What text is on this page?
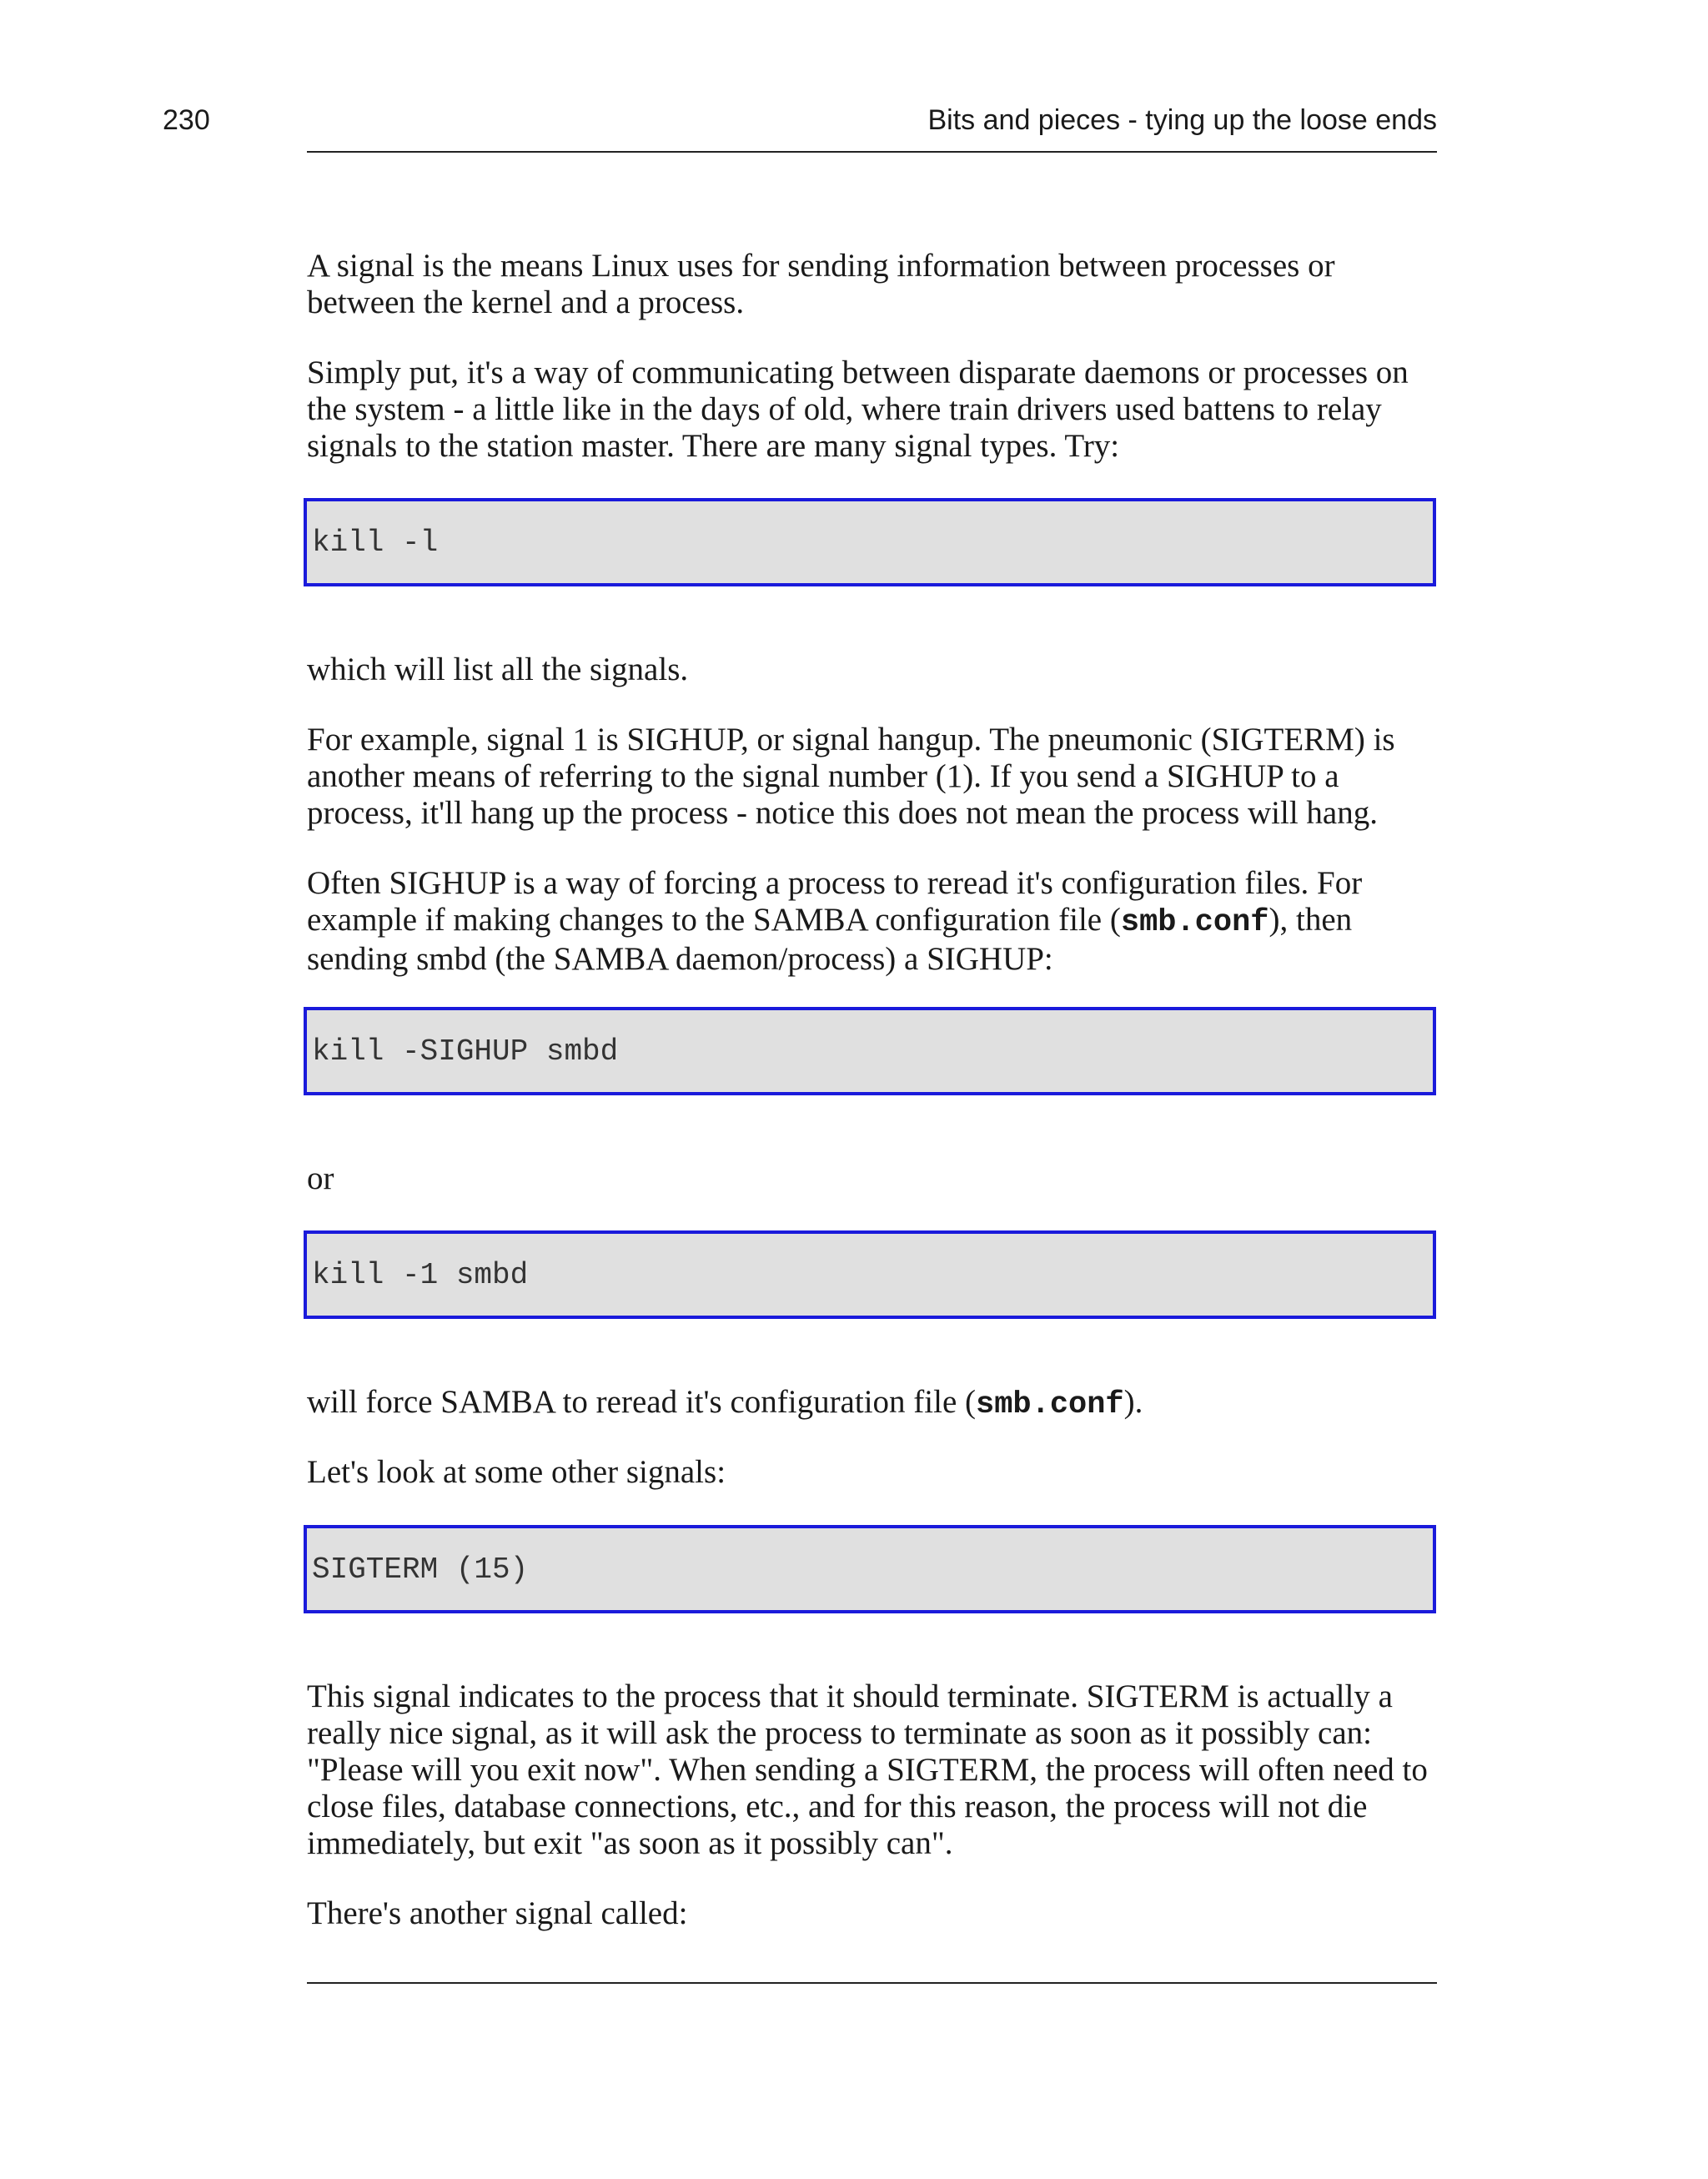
230	Bits and pieces - tying up the loose ends

A signal is the means Linux uses for sending information between processes or between the kernel and a process.

Simply put, it's a way of communicating between disparate daemons or processes on the system - a little like in the days of old, where train drivers used battens to relay signals to the station master. There are many signal types. Try:

kill -l

which will list all the signals.

For example, signal 1 is SIGHUP, or signal hangup. The pneumonic (SIGTERM) is another means of referring to the signal number (1). If you send a SIGHUP to a process, it'll hang up the process - notice this does not mean the process will hang.

Often SIGHUP is a way of forcing a process to reread it's configuration files. For example if making changes to the SAMBA configuration file (smb.conf), then sending smbd (the SAMBA daemon/process) a SIGHUP:

kill -SIGHUP smbd

or

kill -1 smbd

will force SAMBA to reread it's configuration file (smb.conf).

Let's look at some other signals:

SIGTERM (15)

This signal indicates to the process that it should terminate. SIGTERM is actually a really nice signal, as it will ask the process to terminate as soon as it possibly can: "Please will you exit now". When sending a SIGTERM, the process will often need to close files, database connections, etc., and for this reason, the process will not die immediately, but exit "as soon as it possibly can".

There's another signal called:
